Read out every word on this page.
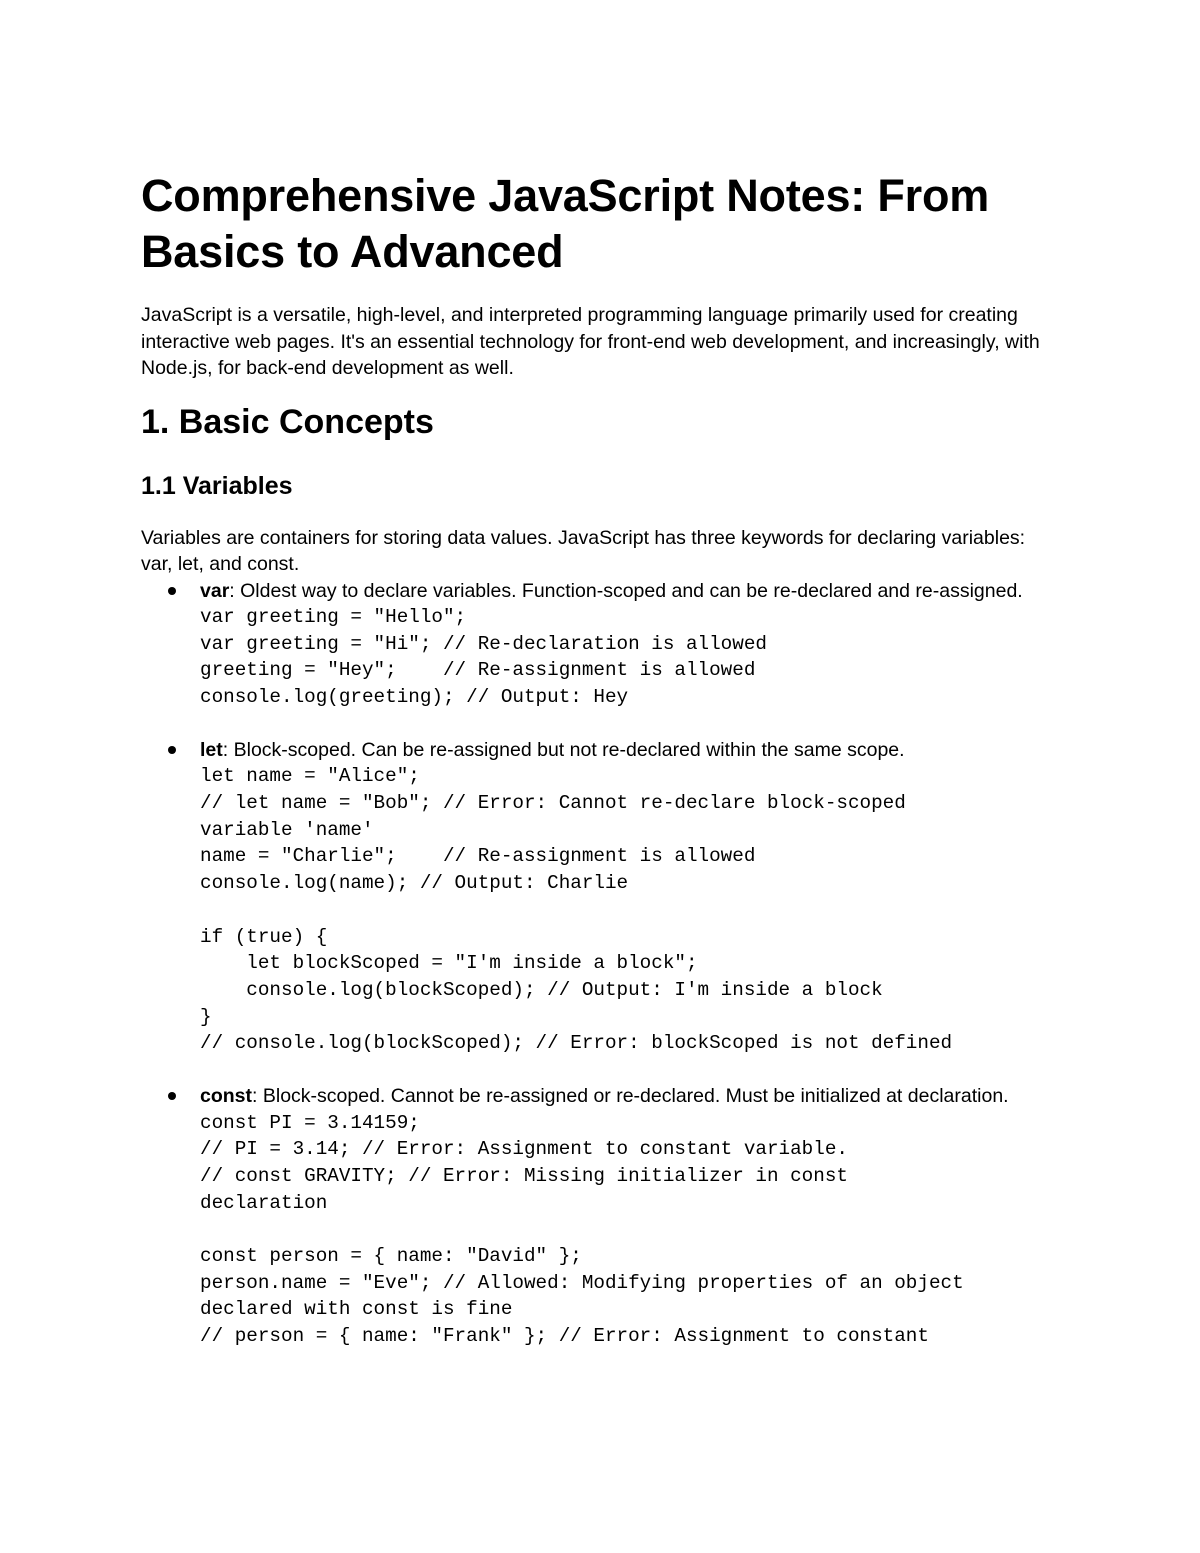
Comprehensive JavaScript Notes: From Basics to Advanced

JavaScript is a versatile, high-level, and interpreted programming language primarily used for creating interactive web pages. It's an essential technology for front-end web development, and increasingly, with Node.js, for back-end development as well.

1. Basic Concepts
1.1 Variables

Variables are containers for storing data values. JavaScript has three keywords for declaring variables: var, let, and const.

var: Oldest way to declare variables. Function-scoped and can be re-declared and re-assigned.
var greeting = "Hello";
var greeting = "Hi"; // Re-declaration is allowed
greeting = "Hey";    // Re-assignment is allowed
console.log(greeting); // Output: Hey
let: Block-scoped. Can be re-assigned but not re-declared within the same scope.
let name = "Alice";
// let name = "Bob"; // Error: Cannot re-declare block-scoped
variable 'name'
name = "Charlie";    // Re-assignment is allowed
console.log(name); // Output: Charlie

if (true) {
let blockScoped = "I'm inside a block";
console.log(blockScoped); // Output: I'm inside a block
}
// console.log(blockScoped); // Error: blockScoped is not defined
const: Block-scoped. Cannot be re-assigned or re-declared. Must be initialized at declaration.
const PI = 3.14159;
// PI = 3.14; // Error: Assignment to constant variable.
// const GRAVITY; // Error: Missing initializer in const
declaration

const person = { name: "David" };
person.name = "Eve"; // Allowed: Modifying properties of an object
declared with const is fine
// person = { name: "Frank" }; // Error: Assignment to constant
